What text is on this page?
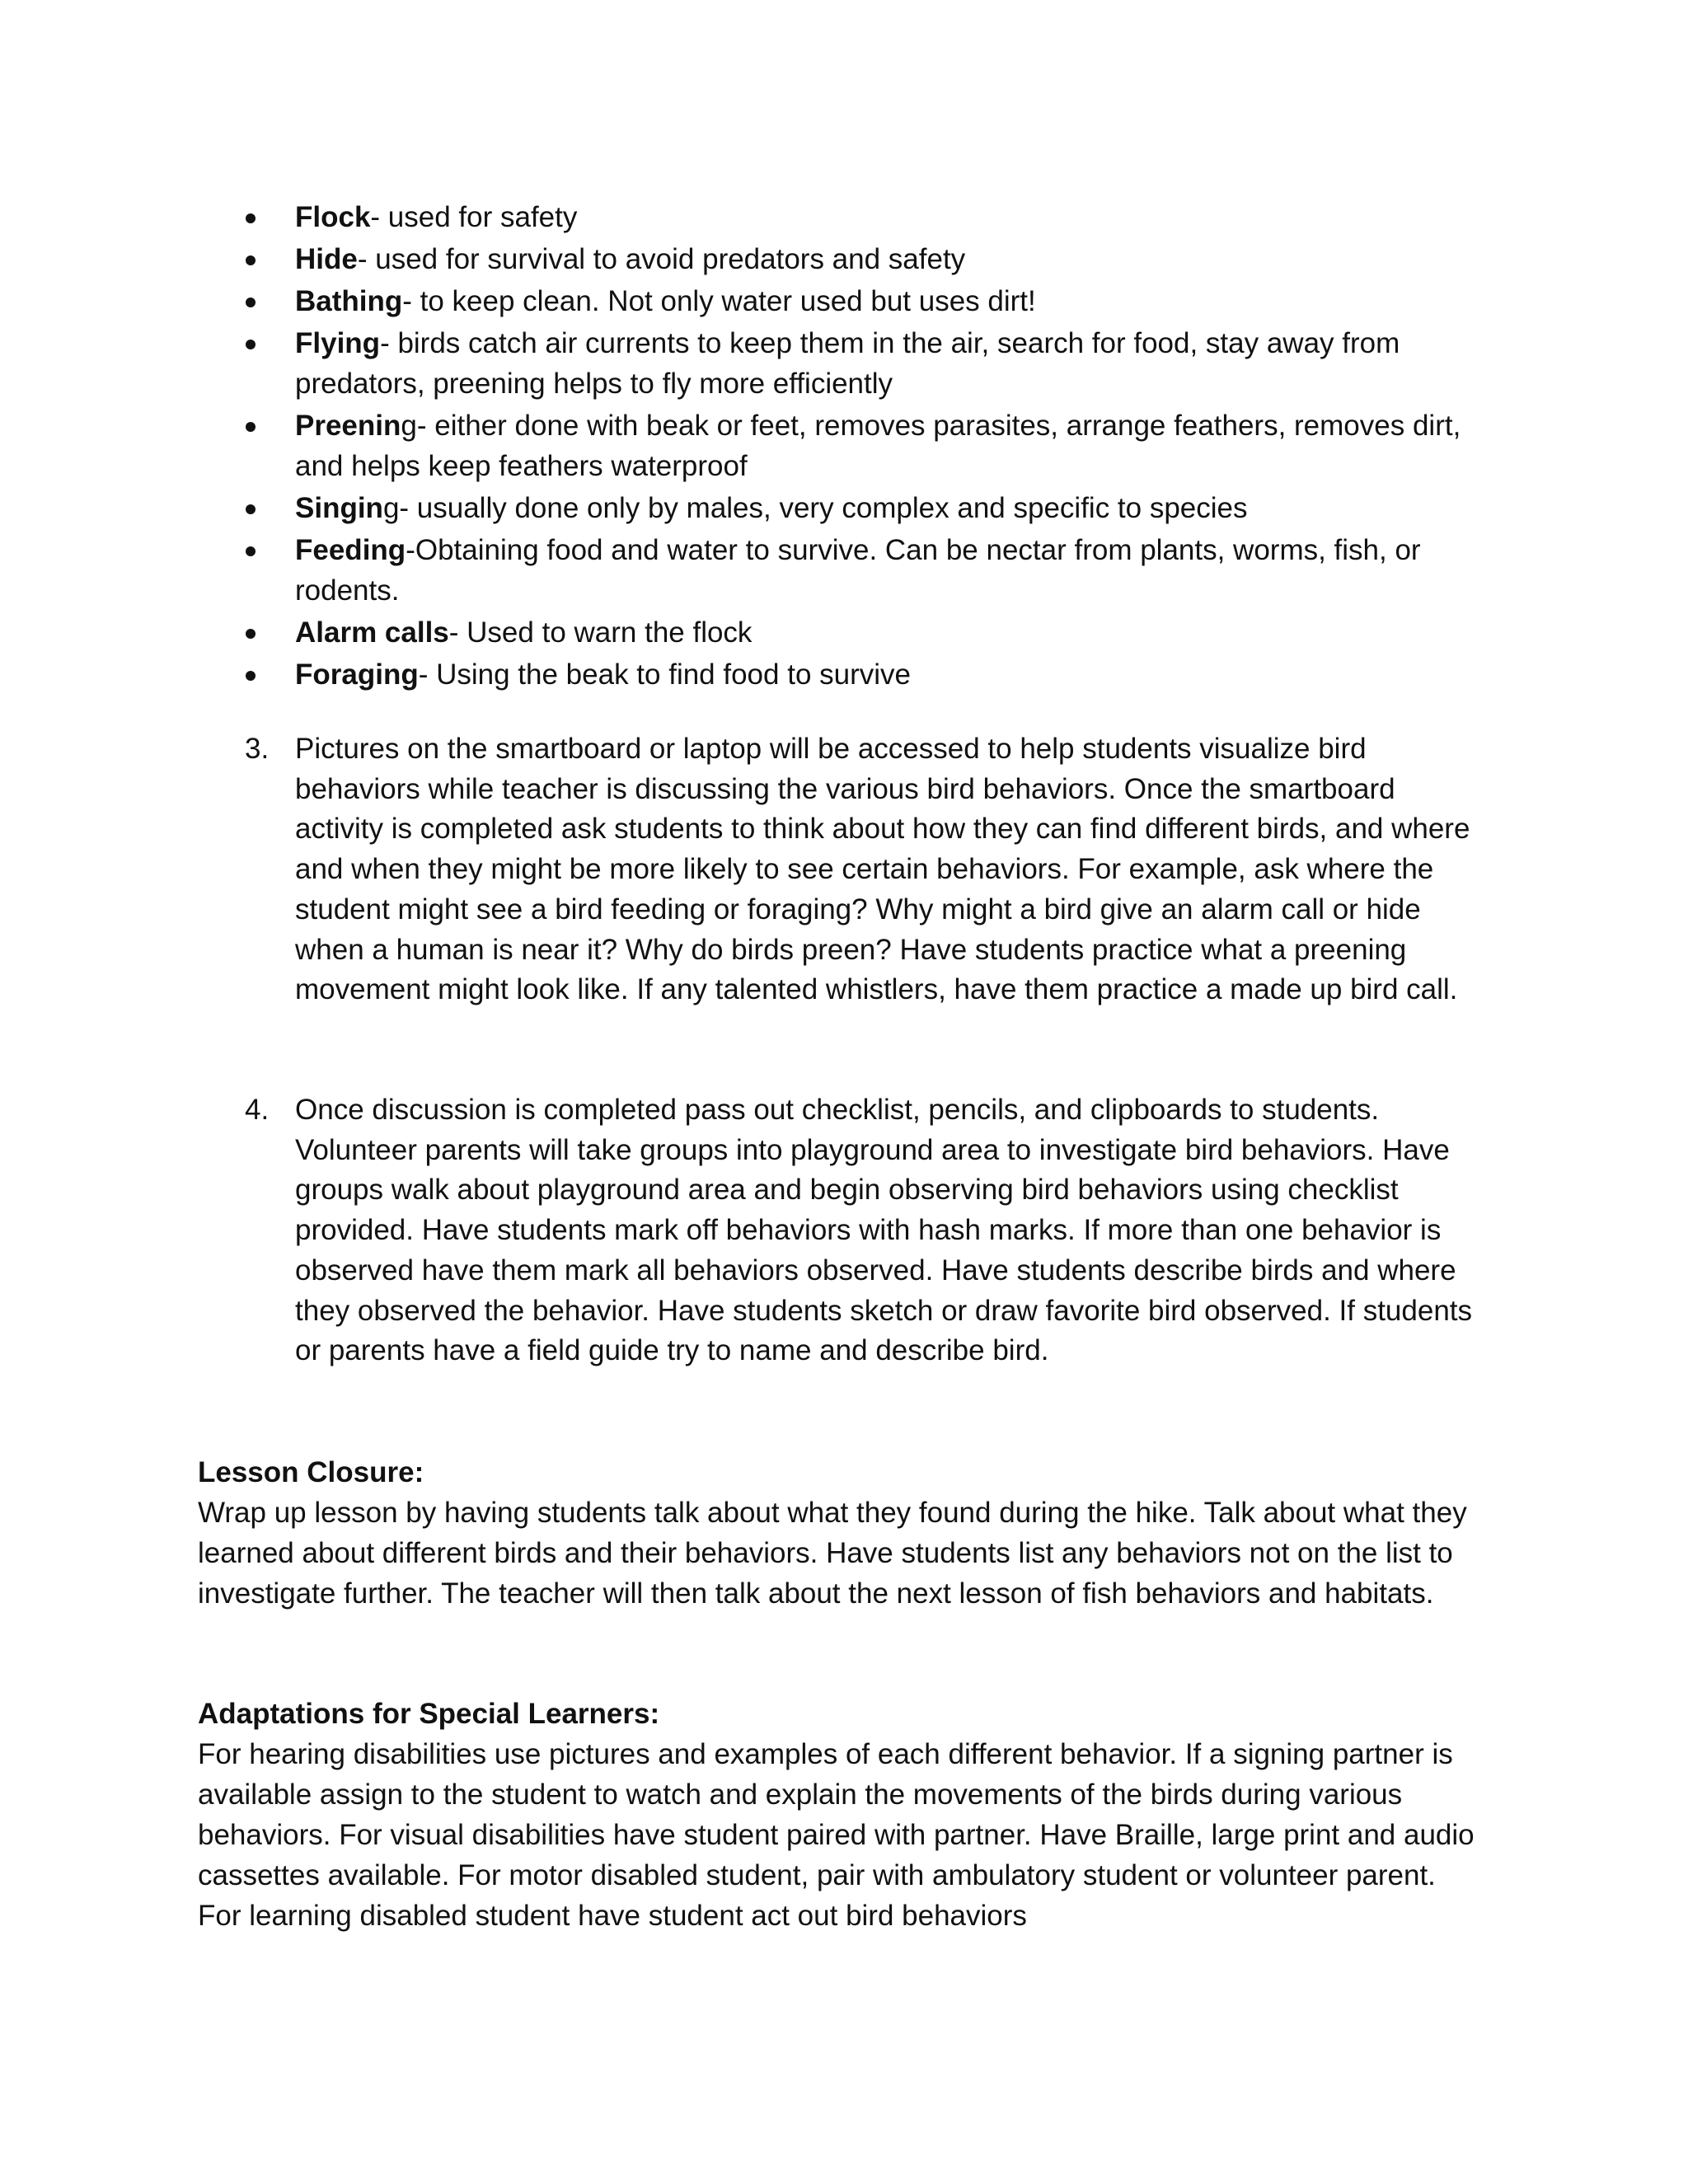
Flock- used for safety
Hide- used for survival to avoid predators and safety
Bathing- to keep clean. Not only water used but uses dirt!
Flying- birds catch air currents to keep them in the air, search for food, stay away from predators, preening helps to fly more efficiently
Preening- either done with beak or feet, removes parasites, arrange feathers, removes dirt, and helps keep feathers waterproof
Singing- usually done only by males, very complex and specific to species
Feeding-Obtaining food and water to survive. Can be nectar from plants, worms, fish, or rodents.
Alarm calls- Used to warn the flock
Foraging- Using the beak to find food to survive
3. Pictures on the smartboard or laptop will be accessed to help students visualize bird behaviors while teacher is discussing the various bird behaviors. Once the smartboard activity is completed ask students to think about how they can find different birds, and where and when they might be more likely to see certain behaviors. For example, ask where the student might see a bird feeding or foraging? Why might a bird give an alarm call or hide when a human is near it? Why do birds preen? Have students practice what a preening movement might look like. If any talented whistlers, have them practice a made up bird call.
4. Once discussion is completed pass out checklist, pencils, and clipboards to students. Volunteer parents will take groups into playground area to investigate bird behaviors. Have groups walk about playground area and begin observing bird behaviors using checklist provided. Have students mark off behaviors with hash marks. If more than one behavior is observed have them mark all behaviors observed. Have students describe birds and where they observed the behavior. Have students sketch or draw favorite bird observed. If students or parents have a field guide try to name and describe bird.
Lesson Closure:
Wrap up lesson by having students talk about what they found during the hike. Talk about what they learned about different birds and their behaviors. Have students list any behaviors not on the list to investigate further. The teacher will then talk about the next lesson of fish behaviors and habitats.
Adaptations for Special Learners:
For hearing disabilities use pictures and examples of each different behavior. If a signing partner is available assign to the student to watch and explain the movements of the birds during various behaviors. For visual disabilities have student paired with partner. Have Braille, large print and audio cassettes available. For motor disabled student, pair with ambulatory student or volunteer parent. For learning disabled student have student act out bird behaviors
